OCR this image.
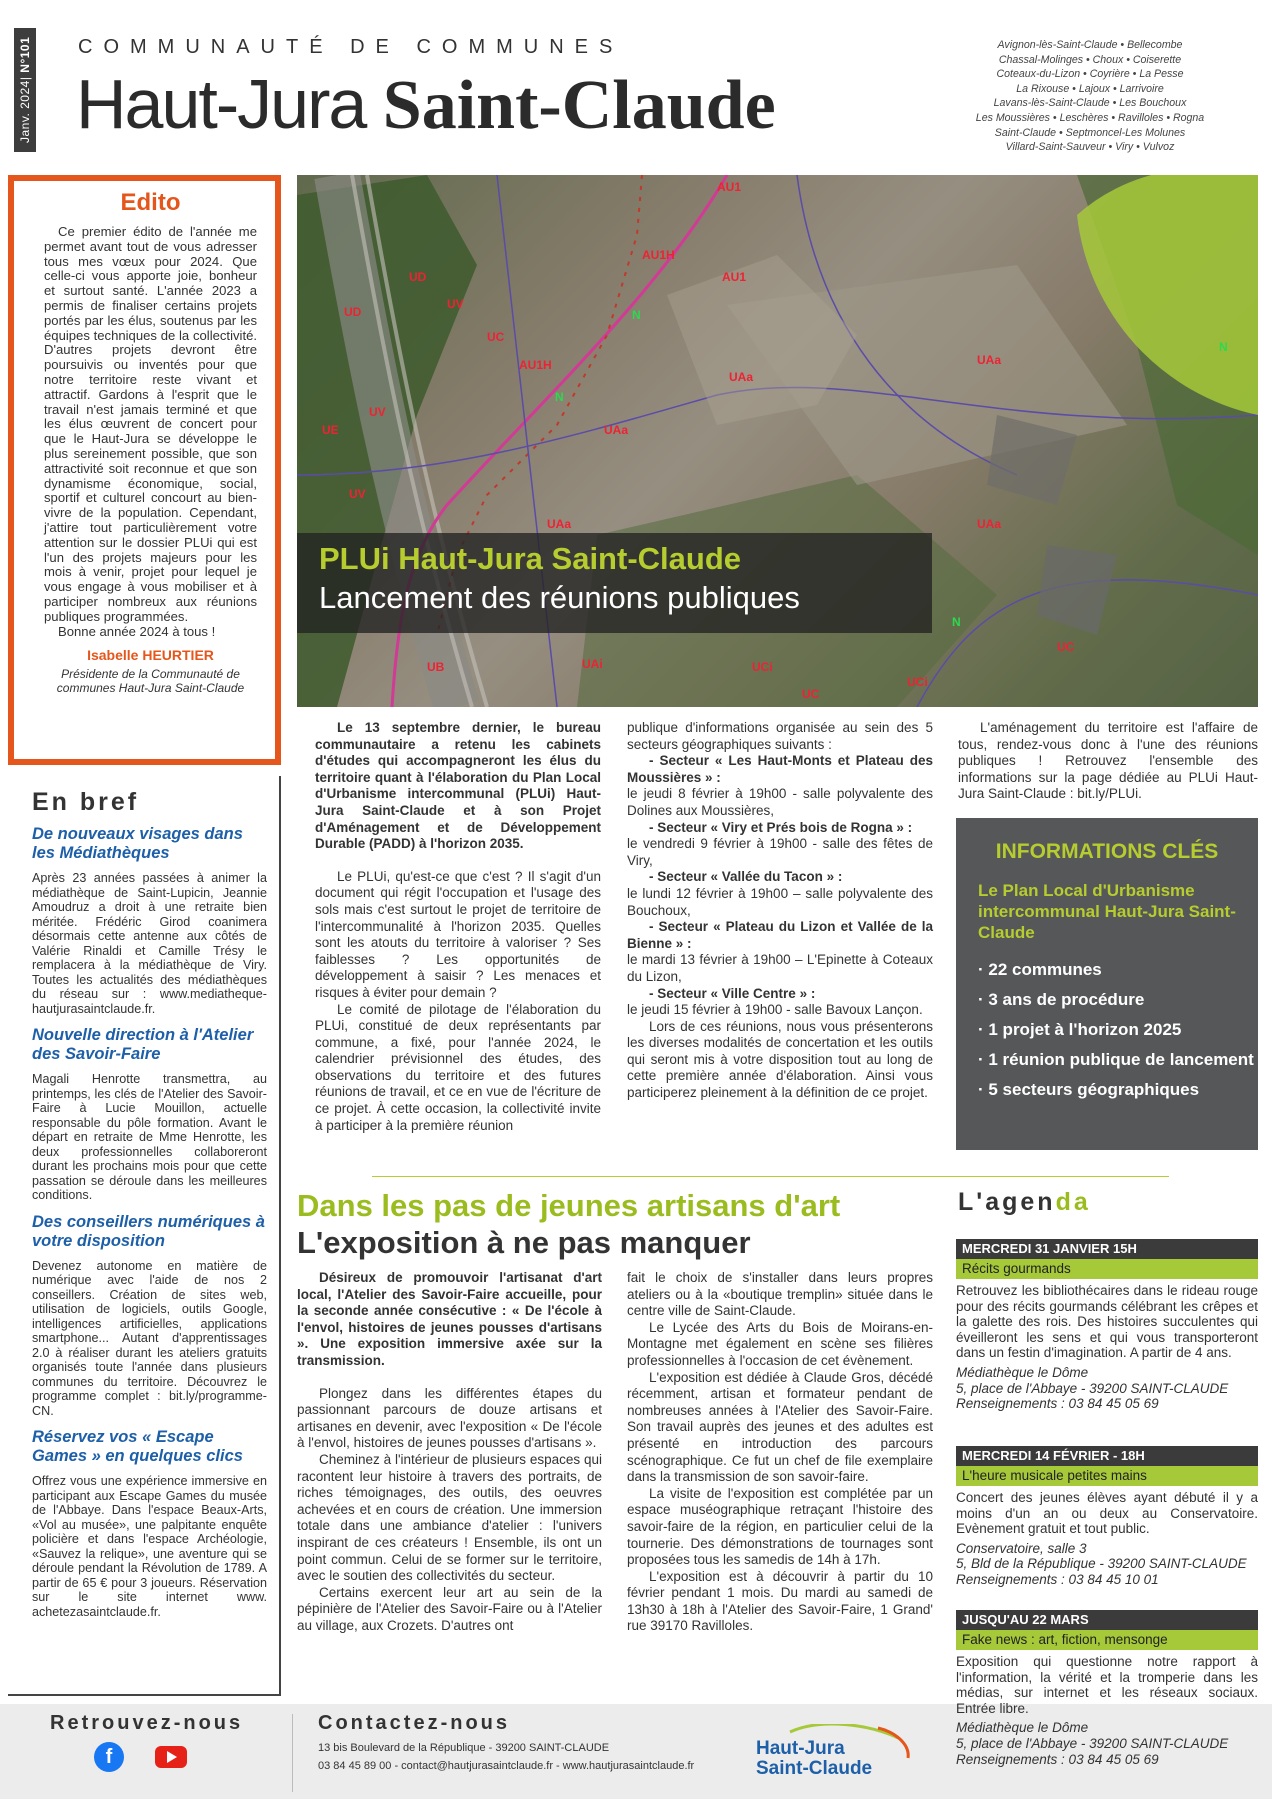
Janv. 2024| N°101 COMMUNAUTÉ DE COMMUNES
Haut-Jura Saint-Claude
Avignon-lès-Saint-Claude • Bellecombe
Chassal-Molinges • Choux • Coiserette
Coteaux-du-Lizon • Coyrière • La Pesse
La Rixouse • Lajoux • Larrivoire
Lavans-lès-Saint-Claude • Les Bouchoux
Les Moussières • Leschères • Ravilloles • Rogna
Saint-Claude • Septmoncel-Les Molunes
Villard-Saint-Sauveur • Viry • Vulvoz
Edito

Ce premier édito de l'année me permet avant tout de vous adresser tous mes vœux pour 2024. Que celle-ci vous apporte joie, bonheur et surtout santé. L'année 2023 a permis de finaliser certains projets portés par les élus, soutenus par les équipes techniques de la collectivité. D'autres projets devront être poursuivis ou inventés pour que notre territoire reste vivant et attractif. Gardons à l'esprit que le travail n'est jamais terminé et que les élus œuvrent de concert pour que le Haut-Jura se développe le plus sereinement possible, que son attractivité soit reconnue et que son dynamisme économique, social, sportif et culturel concourt au bien-vivre de la population. Cependant, j'attire tout particulièrement votre attention sur le dossier PLUi qui est l'un des projets majeurs pour les mois à venir, projet pour lequel je vous engage à vous mobiliser et à participer nombreux aux réunions publiques programmées.

Bonne année 2024 à tous !

Isabelle HEURTIER
Présidente de la Communauté de communes Haut-Jura Saint-Claude
En bref
De nouveaux visages dans les Médiathèques

Après 23 années passées à animer la médiathèque de Saint-Lupicin, Jeannie Amoudruz a droit à une retraite bien méritée. Frédéric Girod coanimera désormais cette antenne aux côtés de Valérie Rinaldi et Camille Trésy le remplacera à la médiathèque de Viry. Toutes les actualités des médiathèques du réseau sur : www.mediatheque-hautjurasaintclaude.fr.

Nouvelle direction à l'Atelier des Savoir-Faire

Magali Henrotte transmettra, au printemps, les clés de l'Atelier des Savoir-Faire à Lucie Mouillon, actuelle responsable du pôle formation. Avant le départ en retraite de Mme Henrotte, les deux professionnelles collaboreront durant les prochains mois pour que cette passation se déroule dans les meilleures conditions.

Des conseillers numériques à votre disposition

Devenez autonome en matière de numérique avec l'aide de nos 2 conseillers. Création de sites web, utilisation de logiciels, outils Google, intelligences artificielles, applications smartphone... Autant d'apprentissages 2.0 à réaliser durant les ateliers gratuits organisés toute l'année dans plusieurs communes du territoire. Découvrez le programme complet : bit.ly/programme-CN.

Réservez vos « Escape Games » en quelques clics

Offrez vous une expérience immersive en participant aux Escape Games du musée de l'Abbaye. Dans l'espace Beaux-Arts, «Vol au musée», une palpitante enquête policière et dans l'espace Archéologie, «Sauvez la relique», une aventure qui se déroule pendant la Révolution de 1789. A partir de 65 € pour 3 joueurs. Réservation sur le site internet www. achetezasaintclaude.fr.

AU1
AU1H
AU1
UD
UD
UV
UC
AU1H
N
N
UAa
UAa
UV
UE
UV
UAa
UAa
UAa
N
UB	UAi	UCi
UC
UCi
UC
N
PLUi Haut-Jura Saint-Claude
Lancement des réunions publiques

Le 13 septembre dernier, le bureau communautaire a retenu les cabinets d'études qui accompagneront les élus du territoire quant à l'élaboration du Plan Local d'Urbanisme intercommunal (PLUi) Haut-Jura Saint-Claude et à son Projet d'Aménagement et de Développement Durable (PADD) à l'horizon 2035.

Le PLUi, qu'est-ce que c'est ? Il s'agit d'un document qui régit l'occupation et l'usage des sols mais c'est surtout le projet de territoire de l'intercommunalité à l'horizon 2035. Quelles sont les atouts du territoire à valoriser ? Ses faiblesses ? Les opportunités de développement à saisir ? Les menaces et risques à éviter pour demain ?

Le comité de pilotage de l'élaboration du PLUi, constitué de deux représentants par commune, a fixé, pour l'année 2024, le calendrier prévisionnel des études, des observations du territoire et des futures réunions de travail, et ce en vue de l'écriture de ce projet. À cette occasion, la collectivité invite à participer à la première réunion

publique d'informations organisée au sein des 5 secteurs géographiques suivants :

- Secteur « Les Haut-Monts et Plateau des Moussières » :

le jeudi 8 février à 19h00 - salle polyvalente des Dolines aux Moussières,

- Secteur « Viry et Prés bois de Rogna » :

le vendredi 9 février à 19h00 - salle des fêtes de Viry,

- Secteur « Vallée du Tacon » :

le lundi 12 février à 19h00 – salle polyvalente des Bouchoux,

- Secteur « Plateau du Lizon et Vallée de la Bienne » :

le mardi 13 février à 19h00 – L'Epinette à Coteaux du Lizon,

- Secteur « Ville Centre » :

le jeudi 15 février à 19h00 - salle Bavoux Lançon.

Lors de ces réunions, nous vous présenterons les diverses modalités de concertation et les outils qui seront mis à votre disposition tout au long de cette première année d'élaboration. Ainsi vous participerez pleinement à la définition de ce projet.

L'aménagement du territoire est l'affaire de tous, rendez-vous donc à l'une des réunions publiques ! Retrouvez l'ensemble des informations sur la page dédiée au PLUi Haut-Jura Saint-Claude : bit.ly/PLUi.

INFORMATIONS CLÉS
Le Plan Local d'Urbanisme intercommunal Haut-Jura Saint-Claude
· 22 communes
· 3 ans de procédure
· 1 projet à l'horizon 2025
· 1 réunion publique de lancement
· 5 secteurs géographiques
Dans les pas de jeunes artisans d'art
L'exposition à ne pas manquer

Désireux de promouvoir l'artisanat d'art local, l'Atelier des Savoir-Faire accueille, pour la seconde année consécutive : « De l'école à l'envol, histoires de jeunes pousses d'artisans ». Une exposition immersive axée sur la transmission.

Plongez dans les différentes étapes du passionnant parcours de douze artisans et artisanes en devenir, avec l'exposition « De l'école à l'envol, histoires de jeunes pousses d'artisans ».

Cheminez à l'intérieur de plusieurs espaces qui racontent leur histoire à travers des portraits, de riches témoignages, des outils, des oeuvres achevées et en cours de création. Une immersion totale dans une ambiance d'atelier : l'univers inspirant de ces créateurs ! Ensemble, ils ont un point commun. Celui de se former sur le territoire, avec le soutien des collectivités du secteur.

Certains exercent leur art au sein de la pépinière de l'Atelier des Savoir-Faire ou à l'Atelier au village, aux Crozets. D'autres ont

fait le choix de s'installer dans leurs propres ateliers ou à la «boutique tremplin» située dans le centre ville de Saint-Claude.

Le Lycée des Arts du Bois de Moirans-en-Montagne met également en scène ses filières professionnelles à l'occasion de cet évènement.

L'exposition est dédiée à Claude Gros, décédé récemment, artisan et formateur pendant de nombreuses années à l'Atelier des Savoir-Faire. Son travail auprès des jeunes et des adultes est présenté en introduction des parcours scénographique. Ce fut un chef de file exemplaire dans la transmission de son savoir-faire.

La visite de l'exposition est complétée par un espace muséographique retraçant l'histoire des savoir-faire de la région, en particulier celui de la tournerie. Des démonstrations de tournages sont proposées tous les samedis de 14h à 17h.

L'exposition est à découvrir à partir du 10 février pendant 1 mois. Du mardi au samedi de 13h30 à 18h à l'Atelier des Savoir-Faire, 1 Grand' rue 39170 Ravilloles.

L'agenda
MERCREDI 31 JANVIER 15H
Récits gourmands

Retrouvez les bibliothécaires dans le rideau rouge pour des récits gourmands célébrant les crêpes et la galette des rois. Des histoires succulentes qui éveilleront les sens et qui vous transporteront dans un festin d'imagination. A partir de 4 ans.

Médiathèque le Dôme
5, place de l'Abbaye - 39200 SAINT-CLAUDE
Renseignements : 03 84 45 05 69
MERCREDI 14 FÉVRIER - 18H
L'heure musicale petites mains

Concert des jeunes élèves ayant débuté il y a moins d'un an ou deux au Conservatoire. Evènement gratuit et tout public.

Conservatoire, salle 3
5, Bld de la République - 39200 SAINT-CLAUDE
Renseignements : 03 84 45 10 01
JUSQU'AU 22 MARS
Fake news : art, fiction, mensonge

Exposition qui questionne notre rapport à l'information, la vérité et la tromperie dans les médias, sur internet et les réseaux sociaux. Entrée libre.

Médiathèque le Dôme
5, place de l'Abbaye - 39200 SAINT-CLAUDE
Renseignements : 03 84 45 05 69
Retrouvez-nous
f
Contactez-nous
13 bis Boulevard de la République - 39200 SAINT-CLAUDE
03 84 45 89 00 - contact@hautjurasaintclaude.fr - www.hautjurasaintclaude.fr
Haut-Jura
Saint-Claude
